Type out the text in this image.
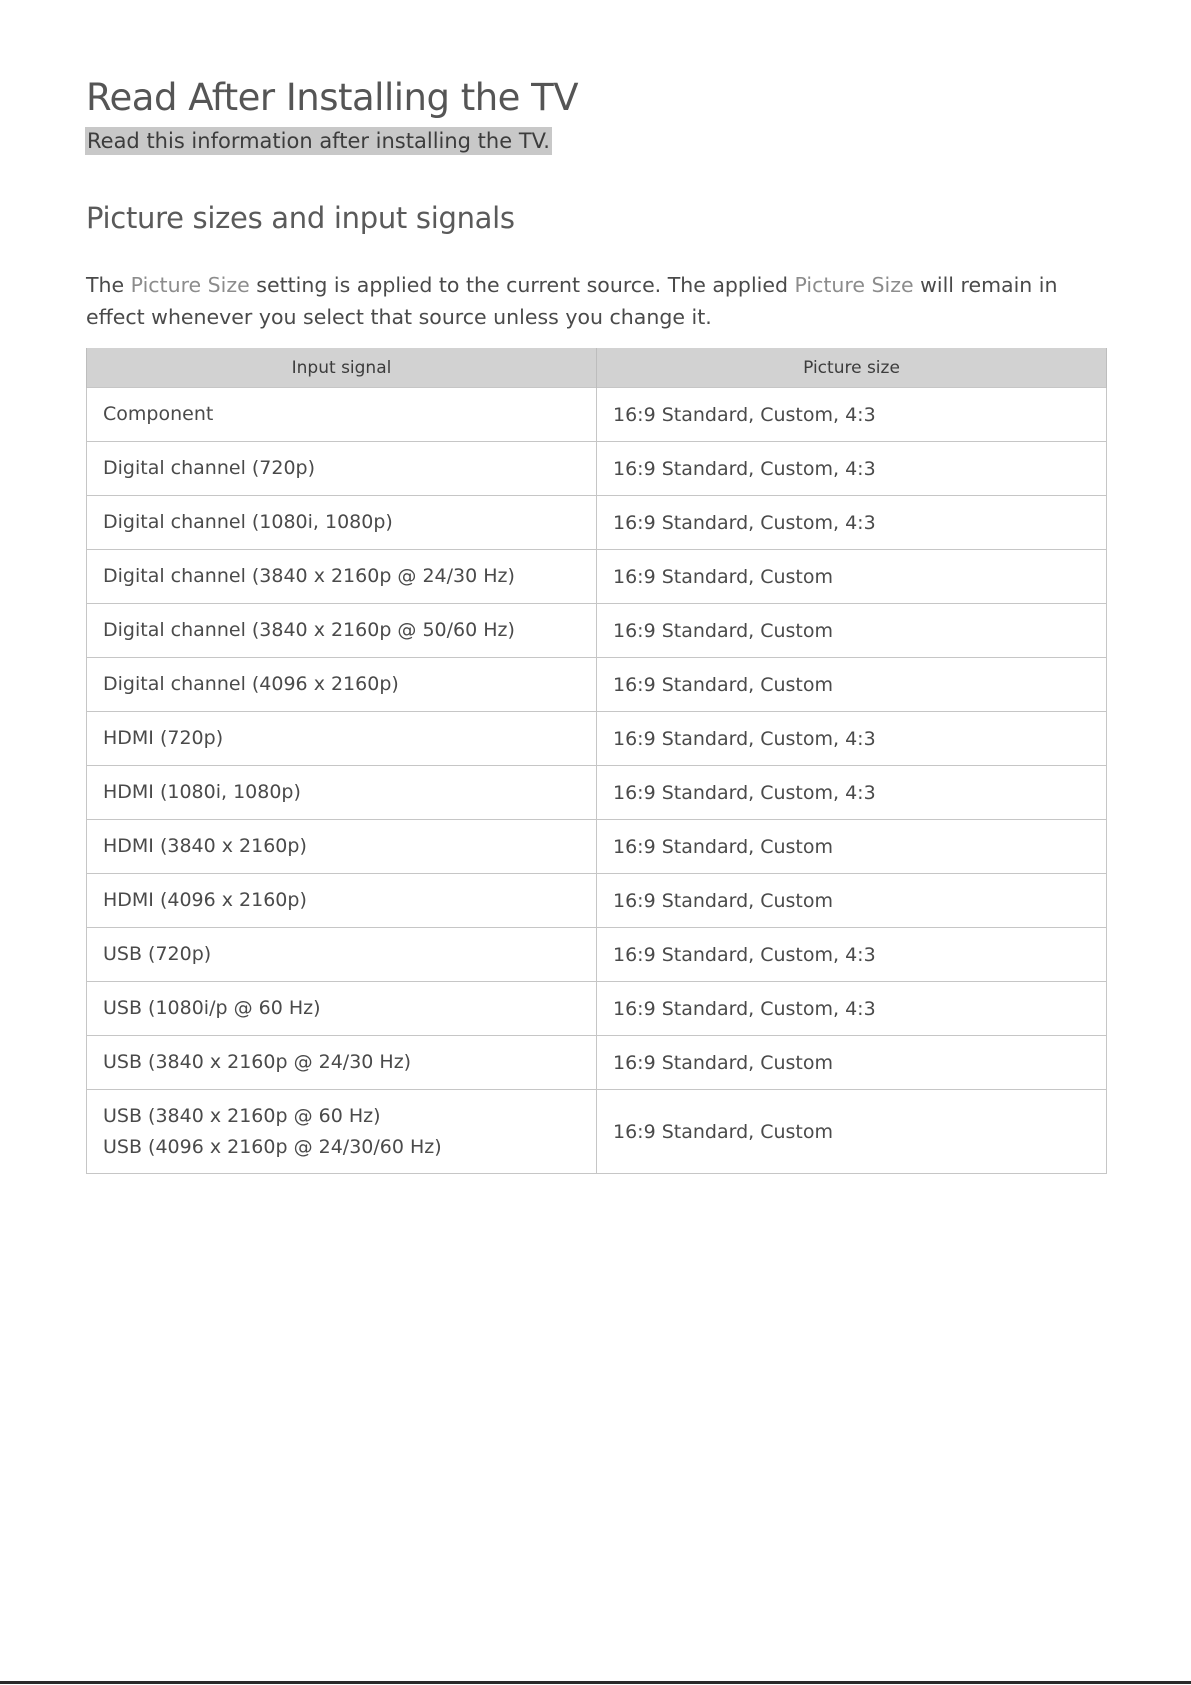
Read After Installing the TV
Read this information after installing the TV.
Picture sizes and input signals

The Picture Size setting is applied to the current source. The applied Picture Size will remain in effect whenever you select that source unless you change it.

Input signal	Picture size

Component	16:9 Standard, Custom, 4:3

Digital channel (720p)	16:9 Standard, Custom, 4:3

Digital channel (1080i, 1080p)	16:9 Standard, Custom, 4:3

Digital channel (3840 x 2160p @ 24/30 Hz)	16:9 Standard, Custom

Digital channel (3840 x 2160p @ 50/60 Hz)	16:9 Standard, Custom

Digital channel (4096 x 2160p)	16:9 Standard, Custom

HDMI (720p)	16:9 Standard, Custom, 4:3

HDMI (1080i, 1080p)	16:9 Standard, Custom, 4:3

HDMI (3840 x 2160p)	16:9 Standard, Custom

HDMI (4096 x 2160p)	16:9 Standard, Custom

USB (720p)	16:9 Standard, Custom, 4:3

USB (1080i/p @ 60 Hz)	16:9 Standard, Custom, 4:3

USB (3840 x 2160p @ 24/30 Hz)	16:9 Standard, Custom

USB (3840 x 2160p @ 60 Hz)
USB (4096 x 2160p @ 24/30/60 Hz)	16:9 Standard, Custom
